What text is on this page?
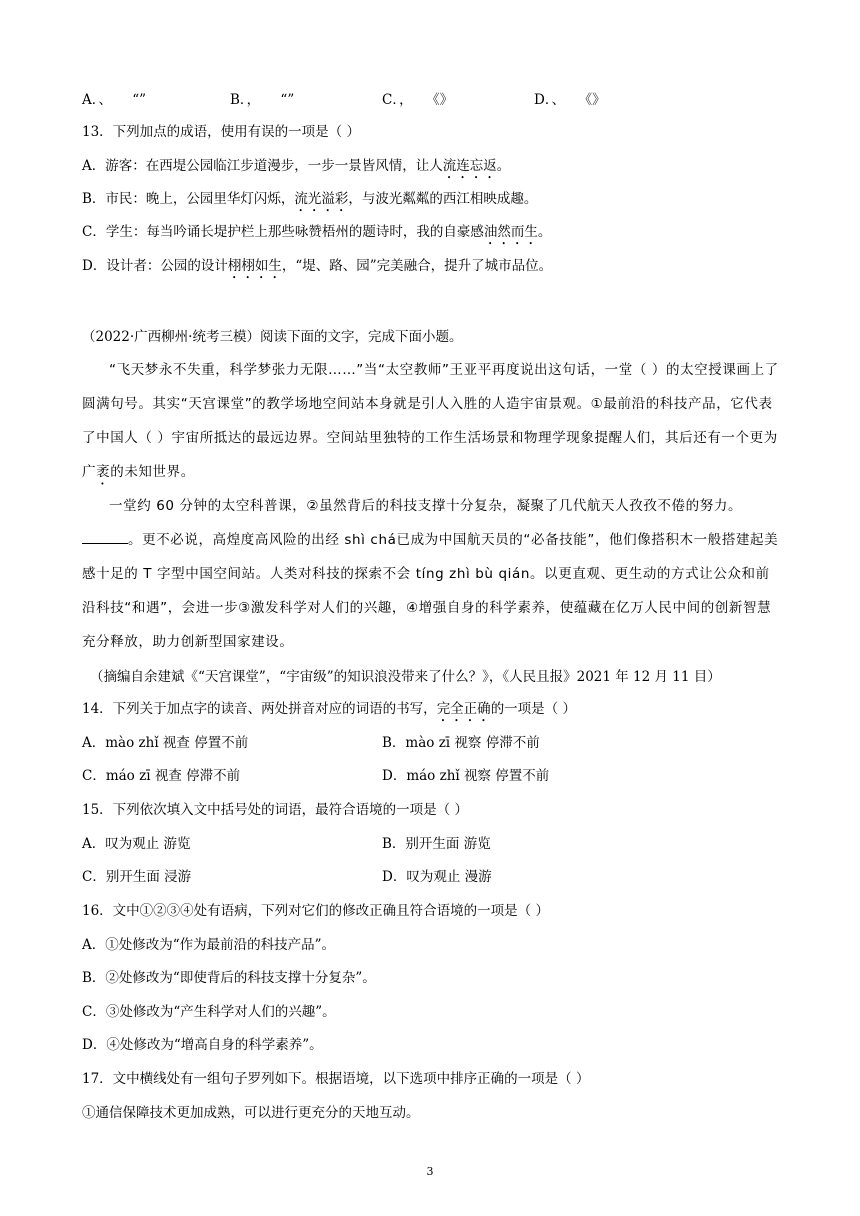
A．、　　“”	B．，　　“”	C．，　　《》	D．、　　《》
13．下列加点的成语，使用有误的一项是（ ）
A．游客：在西堤公园临江步道漫步，一步一景皆风情，让人流连忘返。
B．市民：晚上，公园里华灯闪烁，流光溢彩，与波光粼粼的西江相映成趣。
C．学生：每当吟诵长堤护栏上那些咏赞梧州的题诗时，我的自豪感油然而生。
D．设计者：公园的设计栩栩如生，“堤、路、园”完美融合，提升了城市品位。
（2022·广西柳州·统考三模）阅读下面的文字，完成下面小题。
“飞天梦永不失重，科学梦张力无限……”当“太空教师”王亚平再度说出这句话，一堂（ ）的太空授课画上了圆满句号。其实“天宫课堂”的教学场地空间站本身就是引人入胜的人造宇宙景观。①最前沿的科技产品，它代表了中国人（ ）宇宙所抵达的最远边界。空间站里独特的工作生活场景和物理学现象提醒人们，其后还有一个更为广袤的未知世界。
一堂约 60 分钟的太空科普课，②虽然背后的科技支撑十分复杂，凝聚了几代航天人孜孜不倦的努力。
。更不必说，高煌度高风险的出经 shì chá已成为中国航天员的“必备技能”，他们像搭积木一般搭建起美感十足的 T 字型中国空间站。人类对科技的探索不会 tíng zhì bù qián。以更直观、更生动的方式让公众和前沿科技“和遇”，会进一步③激发科学对人们的兴趣，④增强自身的科学素养，使蕴藏在亿万人民中间的创新智慧充分释放，助力创新型国家建设。
（摘编自余建斌《“天宫课堂”，“宇宙级”的知识浪没带来了什么？》，《人民且报》2021 年 12 月 11 目）
14．下列关于加点字的读音、两处拼音对应的词语的书写，完全正确的一项是（ ）
A．mào zhǐ 视查 停置不前	B．mào zī 视察 停滞不前
C．máo zī 视查 停滞不前	D．máo zhǐ 视察 停置不前
15．下列依次填入文中括号处的词语，最符合语境的一项是（ ）
A．叹为观止 游览	B．别开生面 游览
C．别开生面 浸游	D．叹为观止 漫游
16．文中①②③④处有语病，下列对它们的修改正确且符合语境的一项是（ ）
A．①处修改为“作为最前沿的科技产品”。
B．②处修改为“即使背后的科技支撑十分复杂”。
C．③处修改为“产生科学对人们的兴趣”。
D．④处修改为“增高自身的科学素养”。
17．文中横线处有一组句子罗列如下。根据语境，以下选项中排序正确的一项是（ ）
①通信保障技术更加成熟，可以进行更充分的天地互动。
3
